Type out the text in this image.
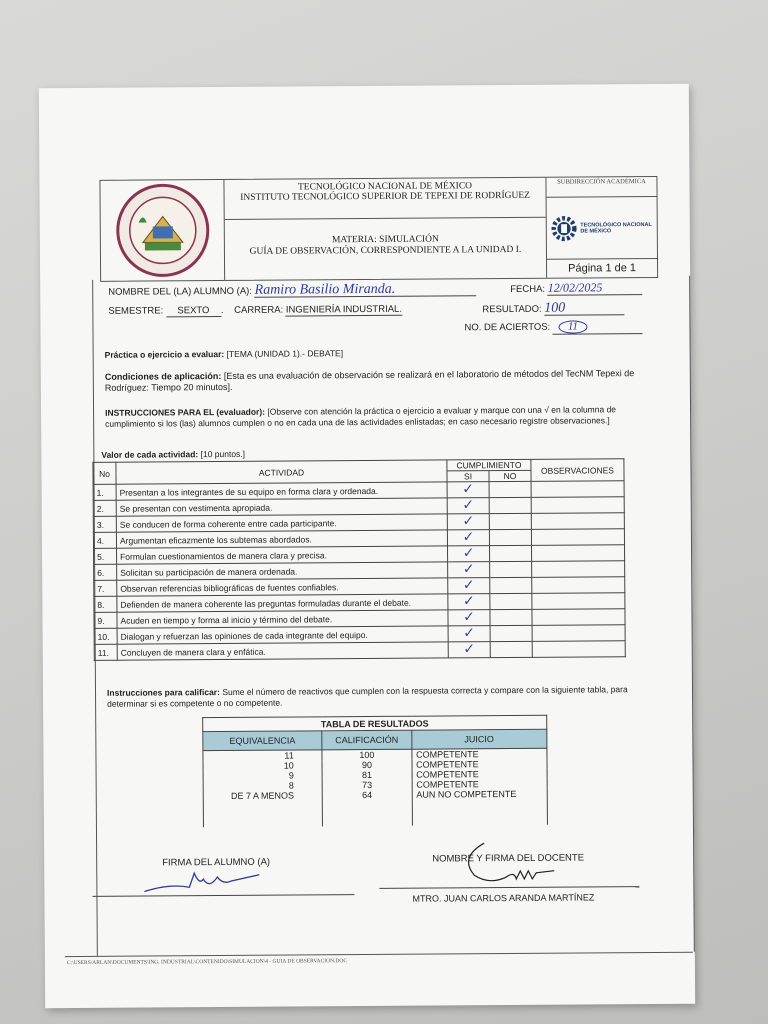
TECNOLÓGICO NACIONAL DE MÉXICO
INSTITUTO TECNOLÓGICO SUPERIOR DE TEPEXI DE RODRÍGUEZ
MATERIA: SIMULACIÓN
GUÍA DE OBSERVACIÓN, CORRESPONDIENTE A LA UNIDAD I.
SUBDIRECCIÓN ACADÉMICA
TECNOLÓGICO NACIONAL DE MÉXICO
Página 1 de 1
NOMBRE DEL (LA) ALUMNO (A): Ramiro Basilio Miranda.	FECHA: 12/02/2025
SEMESTRE: SEXTO .    CARRERA: INGENIERÍA INDUSTRIAL.	RESULTADO: 100
NO. DE ACIERTOS: 11
Práctica o ejercicio a evaluar: [TEMA (UNIDAD 1).- DEBATE]
Condiciones de aplicación: [Esta es una evaluación de observación se realizará en el laboratorio de métodos del TecNM Tepexi de Rodríguez: Tiempo 20 minutos].
INSTRUCCIONES PARA EL (evaluador): [Observe con atención la práctica o ejercicio a evaluar y marque con una √ en la columna de cumplimiento si los (las) alumnos cumplen o no en cada una de las actividades enlistadas; en caso necesario registre observaciones.]
Valor de cada actividad: [10 puntos.]
No	ACTIVIDAD	CUMPLIMIENTO		OBSERVACIONES
		SI	NO	
1.	Presentan a los integrantes de su equipo en forma clara y ordenada.	✓		
2.	Se presentan con vestimenta apropiada.	✓		
3.	Se conducen de forma coherente entre cada participante.	✓		
4.	Argumentan eficazmente los subtemas abordados.	✓		
5.	Formulan cuestionamientos de manera clara y precisa.	✓		
6.	Solicitan su participación de manera ordenada.	✓		
7.	Observan referencias bibliográficas de fuentes confiables.	✓		
8.	Defienden de manera coherente las preguntas formuladas durante el debate.	✓		
9.	Acuden en tiempo y forma al inicio y término del debate.	✓		
10.	Dialogan y refuerzan las opiniones de cada integrante del equipo.	✓		
11.	Concluyen de manera clara y enfática.	✓		
Instrucciones para calificar: Sume el número de reactivos que cumplen con la respuesta correcta y compare con la siguiente tabla, para determinar si es competente o no competente.
TABLA DE RESULTADOS		
EQUIVALENCIA	CALIFICACIÓN	JUICIO
11	100	COMPETENTE
10	90	COMPETENTE
9	81	COMPETENTE
8	73	COMPETENTE
DE 7 A MENOS	64	AUN NO COMPETENTE
FIRMA DEL ALUMNO (A)	NOMBRE Y FIRMA DEL DOCENTE
MTRO. JUAN CARLOS ARANDA MARTÍNEZ
C:\USERS\ARLAN\DOCUMENTS\ING. INDUSTRIAL\CONTENIDO\SIMULACION\4 - GUIA DE OBSERVACION.DOC
